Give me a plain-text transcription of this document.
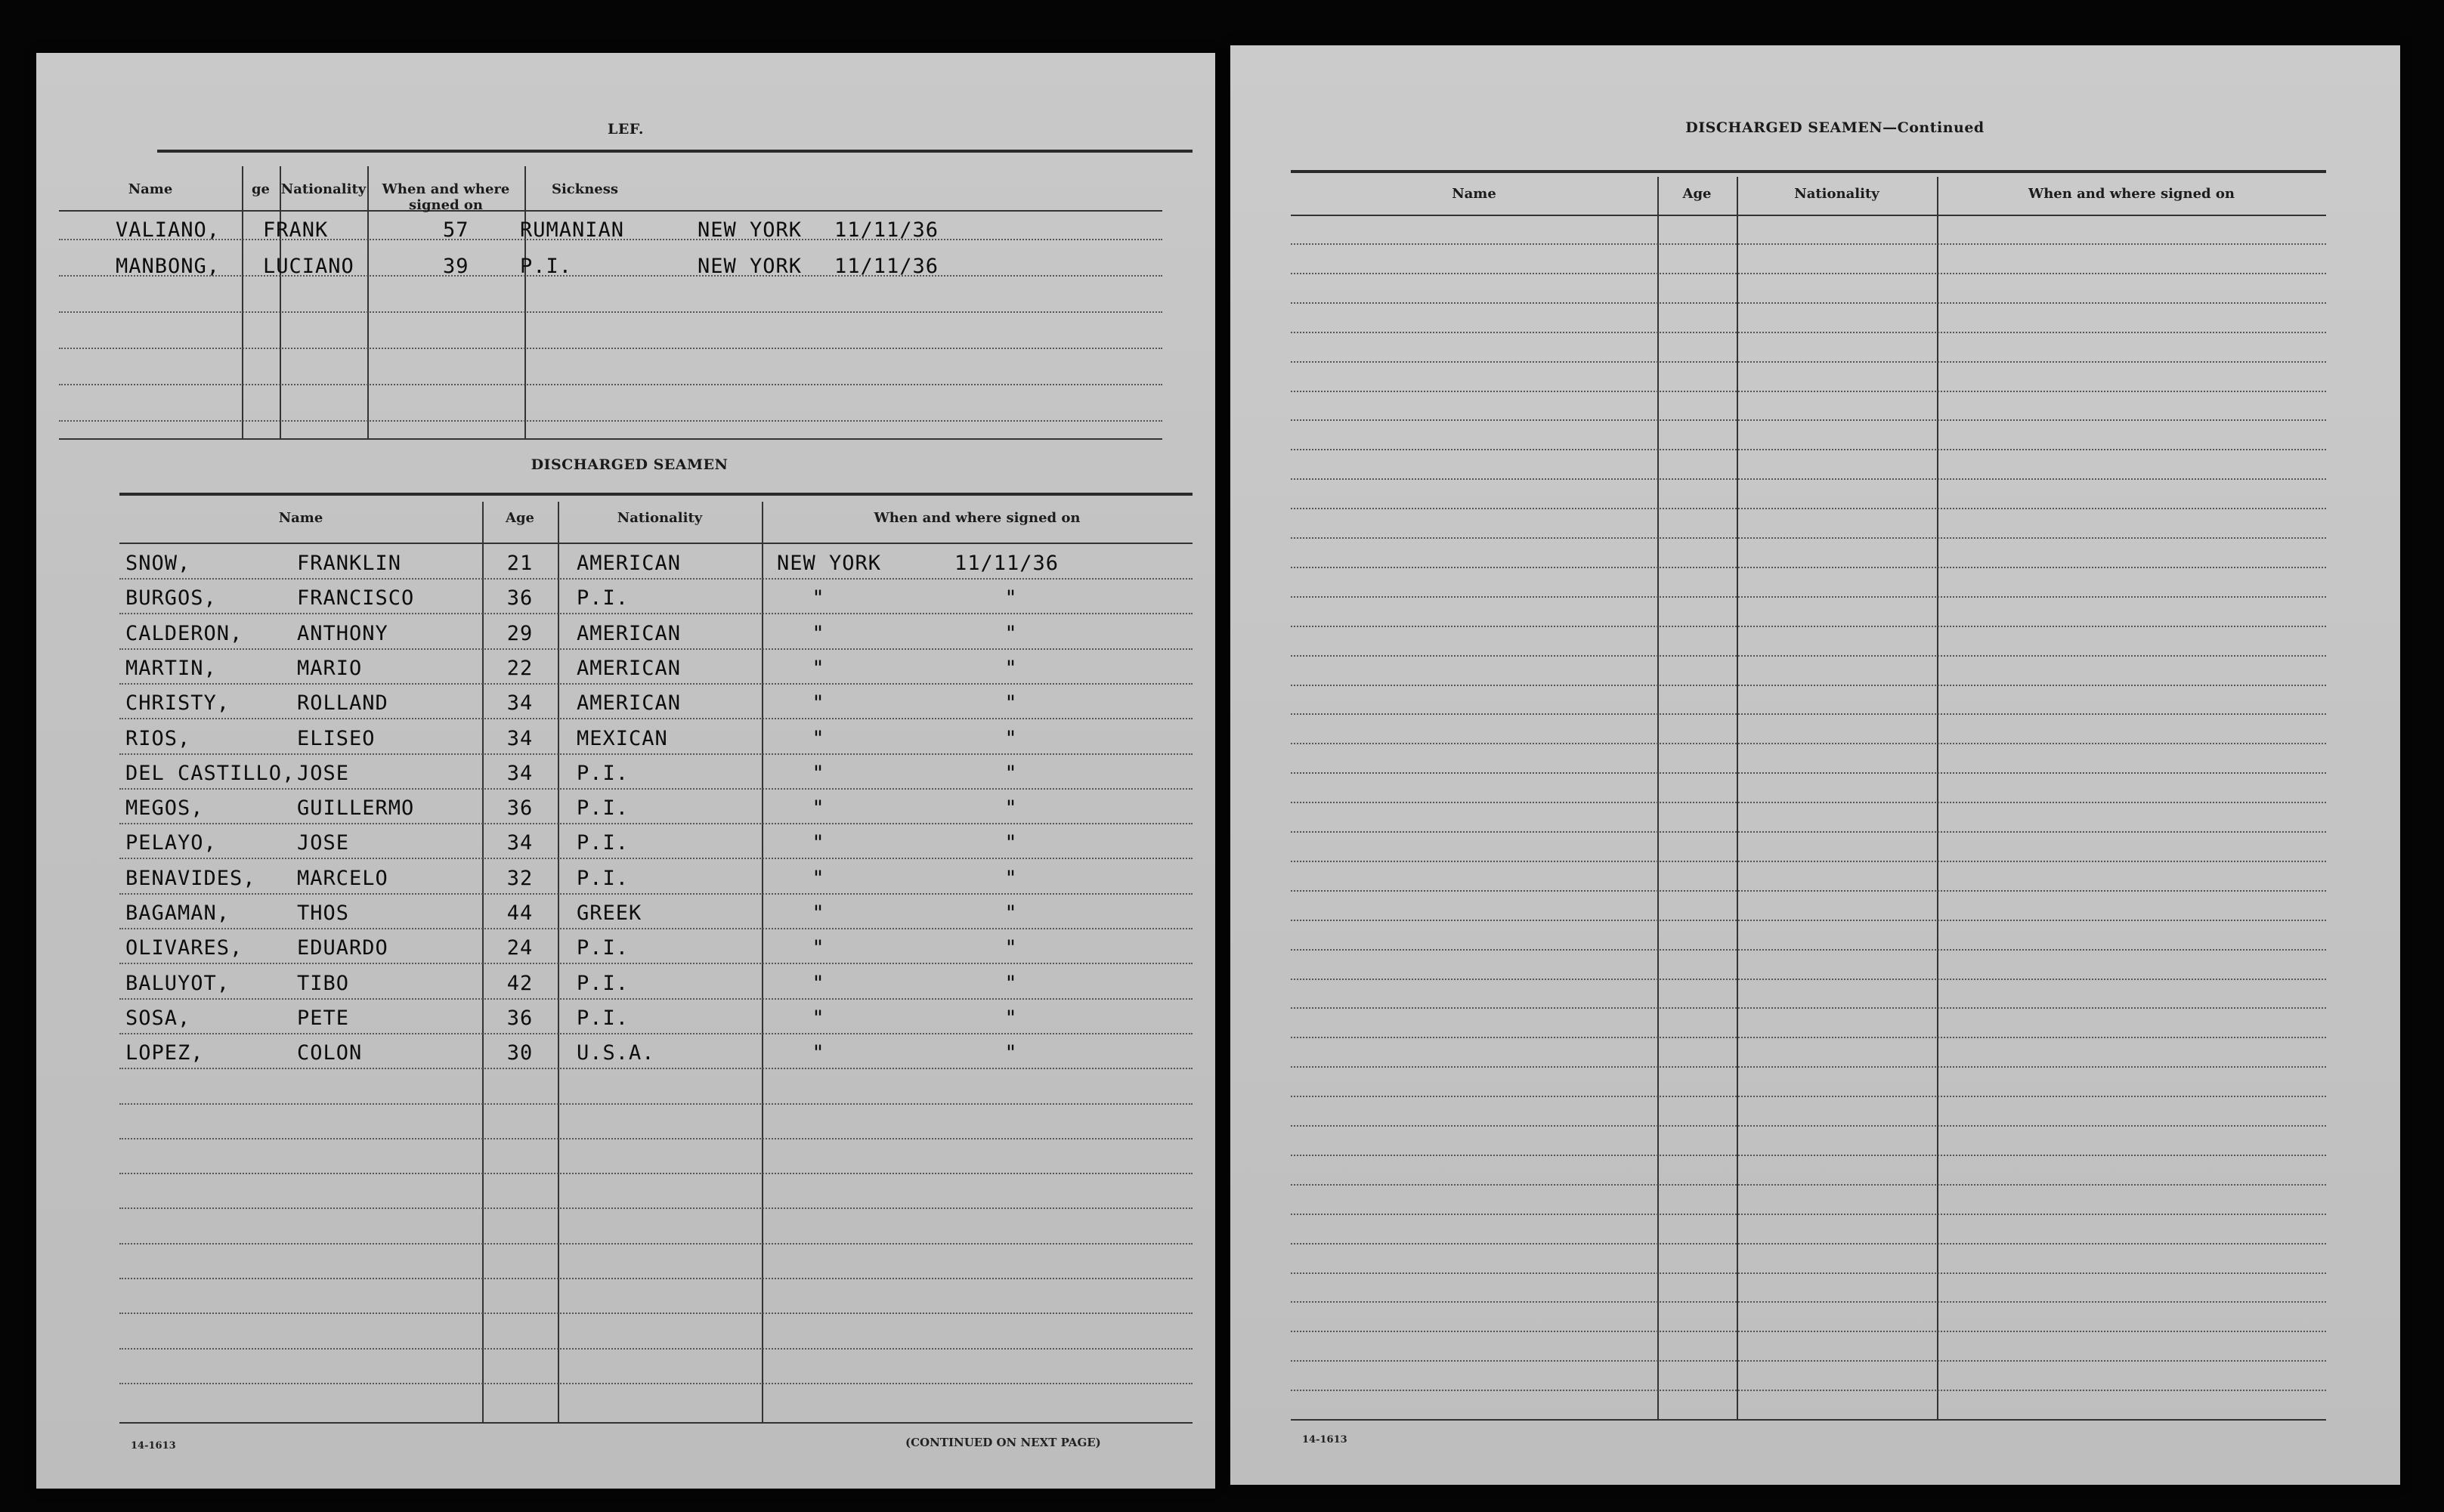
LEF.
Name	ge Nationality	When and where signed on
Sickness
VALIANO, FRANK	57 RUMANIAN	NEW YORK 11/11/36
MANBONG, LUCIANO	39 P.I.	NEW YORK 11/11/36
DISCHARGED SEAMEN
Name	Age	Nationality	When and where signed on
SNOW,	FRANKLIN	21	AMERICAN	NEW YORK	11/11/36
BURGOS,	FRANCISCO	36	P.I.	"	"
CALDERON,	ANTHONY	29	AMERICAN	"	"
MARTIN,	MARIO	22	AMERICAN	"	"
CHRISTY,	ROLLAND	34	AMERICAN	"	"
RIOS,	ELISEO	34	MEXICAN	"	"
DEL CASTILLO, JOSE	34	P.I.	"	"
MEGOS,	GUILLERMO	36	P.I.	"	"
PELAYO,	JOSE	34	P.I.	"	"
BENAVIDES, MARCELO	32	P.I.	"	"
BAGAMAN,	THOS	44	GREEK	"	"
OLIVARES,	EDUARDO	24	P.I.	"	"
BALUYOT,	TIBO	42	P.I.	"	"
SOSA,	PETE	36	P.I.	"	"
LOPEZ,	COLON	30	U.S.A.	"	"
14-1613	(CONTINUED ON NEXT PAGE)
DISCHARGED SEAMEN—Continued
Name	Age	Nationality	When and where signed on
14-1613
